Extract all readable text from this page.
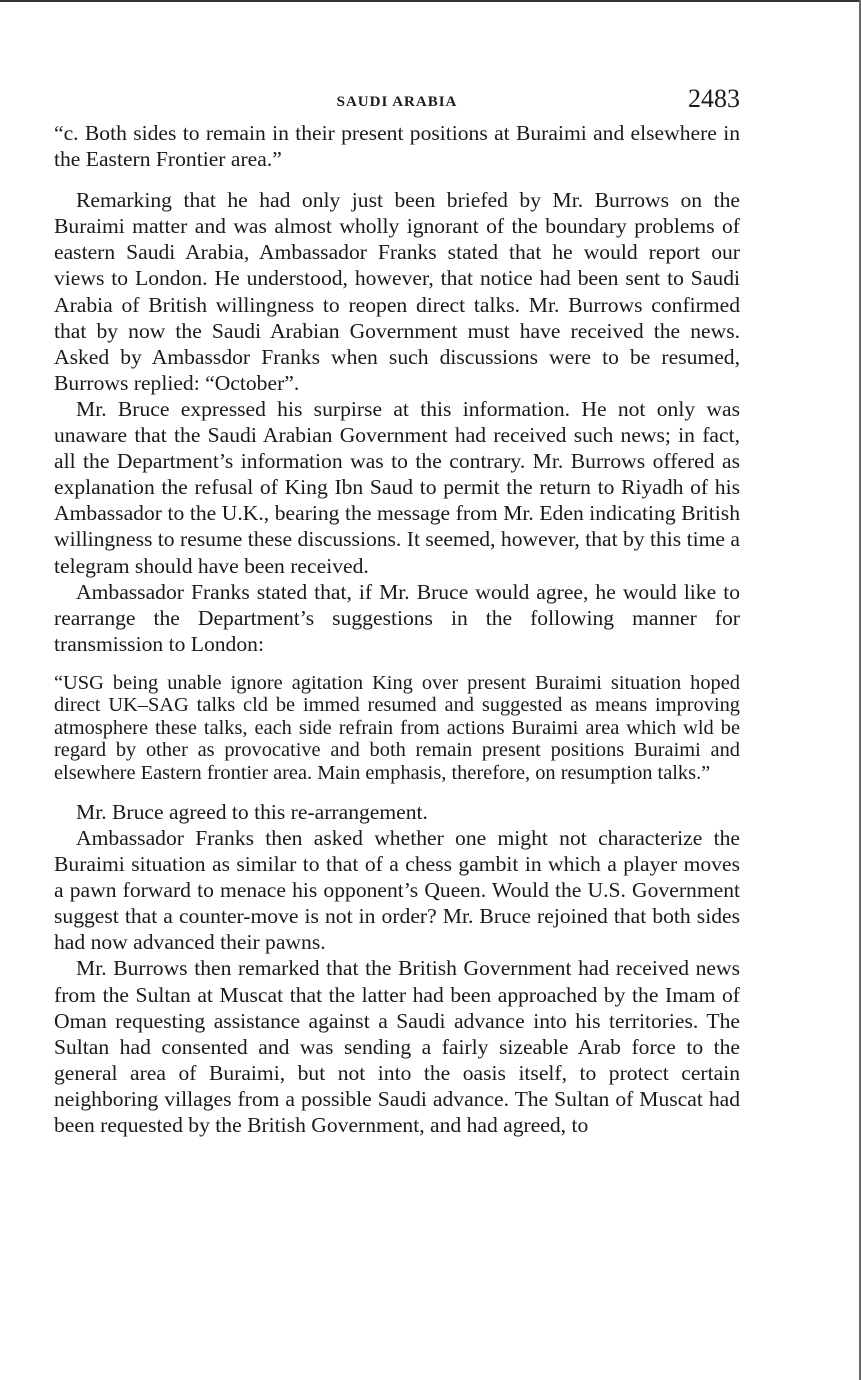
SAUDI ARABIA	2483

“c. Both sides to remain in their present positions at Buraimi and elsewhere in the Eastern Frontier area.”

Remarking that he had only just been briefed by Mr. Burrows on the Buraimi matter and was almost wholly ignorant of the boundary problems of eastern Saudi Arabia, Ambassador Franks stated that he would report our views to London. He understood, however, that notice had been sent to Saudi Arabia of British willingness to reopen direct talks. Mr. Burrows confirmed that by now the Saudi Arabian Government must have received the news. Asked by Ambassdor Franks when such discussions were to be resumed, Burrows replied: “October”.

Mr. Bruce expressed his surpirse at this information. He not only was unaware that the Saudi Arabian Government had received such news; in fact, all the Department’s information was to the contrary. Mr. Burrows offered as explanation the refusal of King Ibn Saud to permit the return to Riyadh of his Ambassador to the U.K., bearing the message from Mr. Eden indicating British willingness to resume these discussions. It seemed, however, that by this time a telegram should have been received.

Ambassador Franks stated that, if Mr. Bruce would agree, he would like to rearrange the Department’s suggestions in the following manner for transmission to London:

“USG being unable ignore agitation King over present Buraimi situation hoped direct UK–SAG talks cld be immed resumed and suggested as means improving atmosphere these talks, each side refrain from actions Buraimi area which wld be regard by other as provocative and both remain present positions Buraimi and elsewhere Eastern frontier area. Main emphasis, therefore, on resumption talks.”

Mr. Bruce agreed to this re-arrangement.

Ambassador Franks then asked whether one might not characterize the Buraimi situation as similar to that of a chess gambit in which a player moves a pawn forward to menace his opponent’s Queen. Would the U.S. Government suggest that a counter-move is not in order? Mr. Bruce rejoined that both sides had now advanced their pawns.

Mr. Burrows then remarked that the British Government had received news from the Sultan at Muscat that the latter had been approached by the Imam of Oman requesting assistance against a Saudi advance into his territories. The Sultan had consented and was sending a fairly sizeable Arab force to the general area of Buraimi, but not into the oasis itself, to protect certain neighboring villages from a possible Saudi advance. The Sultan of Muscat had been requested by the British Government, and had agreed, to
